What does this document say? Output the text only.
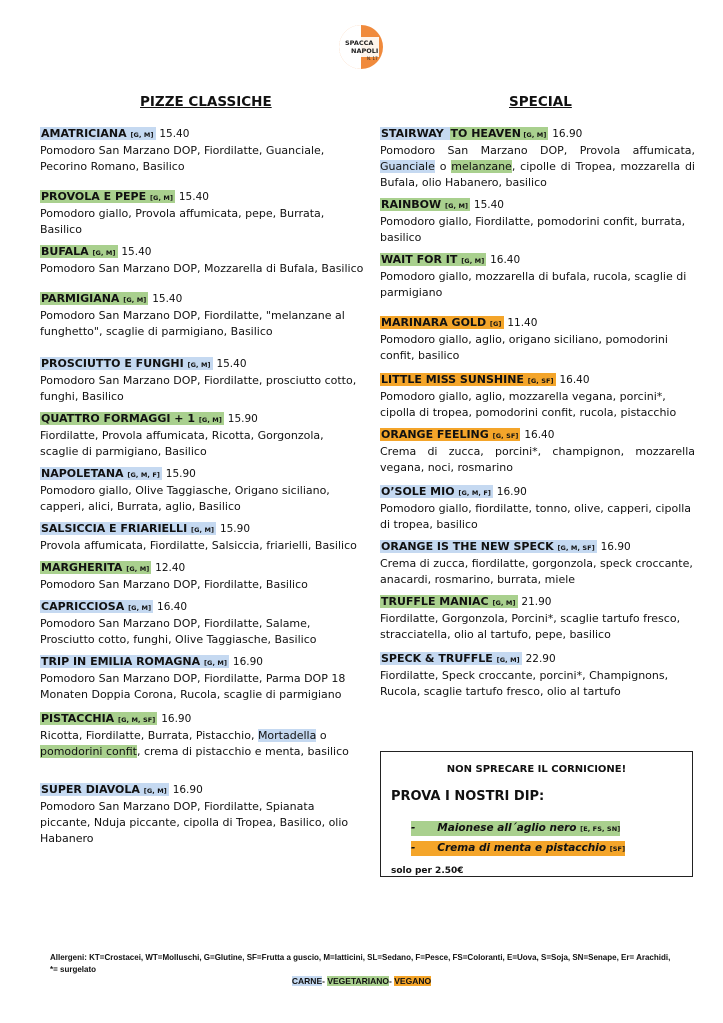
SPACCA
NAPOLI
N. 17
PIZZE CLASSICHE	SPECIAL
AMATRICIANA [G, M] 15.40
Pomodoro San Marzano DOP, Fiordilatte, Guanciale, Pecorino Romano, Basilico
PROVOLA E PEPE [G, M] 15.40
Pomodoro giallo, Provola affumicata, pepe, Burrata, Basilico
BUFALA [G, M] 15.40
Pomodoro San Marzano DOP, Mozzarella di Bufala, Basilico
PARMIGIANA [G, M] 15.40
Pomodoro San Marzano DOP, Fiordilatte, "melanzane al funghetto", scaglie di parmigiano, Basilico
PROSCIUTTO E FUNGHI [G, M] 15.40
Pomodoro San Marzano DOP, Fiordilatte, prosciutto cotto, funghi, Basilico
QUATTRO FORMAGGI + 1 [G, M] 15.90
Fiordilatte, Provola affumicata, Ricotta, Gorgonzola, scaglie di parmigiano, Basilico
NAPOLETANA [G, M, F] 15.90
Pomodoro giallo, Olive Taggiasche, Origano siciliano, capperi, alici, Burrata, aglio, Basilico
SALSICCIA E FRIARIELLI [G, M] 15.90
Provola affumicata, Fiordilatte, Salsiccia, friarielli, Basilico
MARGHERITA [G, M] 12.40
Pomodoro San Marzano DOP, Fiordilatte, Basilico
CAPRICCIOSA [G, M] 16.40
Pomodoro San Marzano DOP, Fiordilatte, Salame, Prosciutto cotto, funghi, Olive Taggiasche, Basilico
TRIP IN EMILIA ROMAGNA [G, M] 16.90
Pomodoro San Marzano DOP, Fiordilatte, Parma DOP 18 Monaten Doppia Corona, Rucola, scaglie di parmigiano
PISTACCHIA [G, M, SF] 16.90
Ricotta, Fiordilatte, Burrata, Pistacchio, Mortadella o pomodorini confit, crema di pistacchio e menta, basilico
SUPER DIAVOLA [G, M] 16.90
Pomodoro San Marzano DOP, Fiordilatte, Spianata piccante, Nduja piccante, cipolla di Tropea, Basilico, olio Habanero
STAIRWAY TO HEAVEN [G, M] 16.90
Pomodoro San Marzano DOP, Provola affumicata, Guanciale o melanzane, cipolle di Tropea, mozzarella di Bufala, olio Habanero, basilico
RAINBOW [G, M] 15.40
Pomodoro giallo, Fiordilatte, pomodorini confit, burrata, basilico
WAIT FOR IT [G, M] 16.40
Pomodoro giallo, mozzarella di bufala, rucola, scaglie di parmigiano
MARINARA GOLD [G] 11.40
Pomodoro giallo, aglio, origano siciliano, pomodorini confit, basilico
LITTLE MISS SUNSHINE [G, SF] 16.40
Pomodoro giallo, aglio, mozzarella vegana, porcini*, cipolla di tropea, pomodorini confit, rucola, pistacchio
ORANGE FEELING [G, SF] 16.40
Crema di zucca, porcini*, champignon, mozzarella vegana, noci, rosmarino
O’SOLE MIO [G, M, F] 16.90
Pomodoro giallo, fiordilatte, tonno, olive, capperi, cipolla di tropea, basilico
ORANGE IS THE NEW SPECK [G, M, SF] 16.90
Crema di zucca, fiordilatte, gorgonzola, speck croccante, anacardi, rosmarino, burrata, miele
TRUFFLE MANIAC [G, M] 21.90
Fiordilatte, Gorgonzola, Porcini*, scaglie tartufo fresco, stracciatella, olio al tartufo, pepe, basilico
SPECK & TRUFFLE [G, M] 22.90
Fiordilatte, Speck croccante, porcini*, Champignons, Rucola, scaglie tartufo fresco, olio al tartufo
NON SPRECARE IL CORNICIONE!
PROVA I NOSTRI DIP:
- Maionese all´aglio nero [E, FS, SN]
- Crema di menta e pistacchio [SF]
solo per 2.50€
Allergeni: KT=Crostacei, WT=Molluschi, G=Glutine, SF=Frutta a guscio, M=latticini, SL=Sedano, F=Pesce, FS=Coloranti, E=Uova, S=Soja, SN=Senape, Er= Arachidi, *= surgelato
CARNE- VEGETARIANO- VEGANO
